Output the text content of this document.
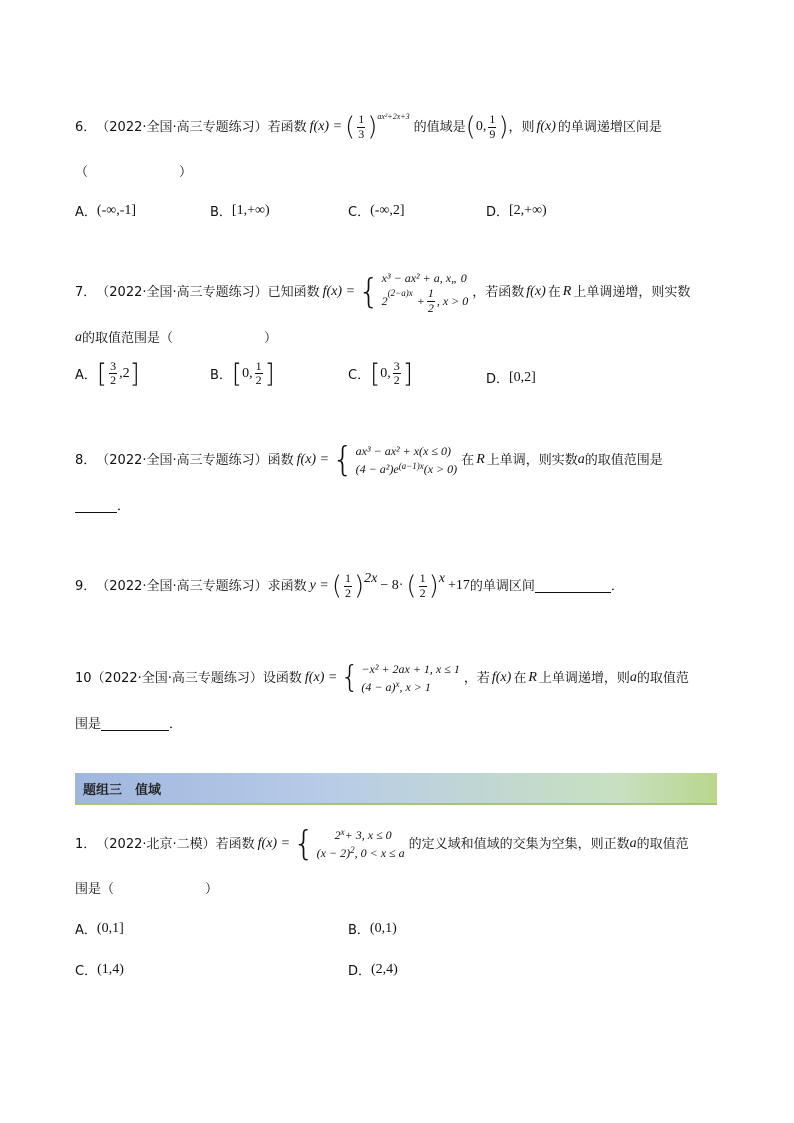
6． （2022·全国·高三专题练习） 若函数 f(x) = ( $\frac{1}{3} )^{ax^2+2x+3}$
的值域是 ( 0, $\frac{1}{9}$ ) ，则 f(x) 的单调递增区间是
（　　　　　　　）
A． (-∞,-1]	B． [1,+∞)	C． (-∞,2]	D． [2,+∞)
7． （2022·全国·高三专题练习） 已知函数 f(x) = { x³ − ax² + a, x„ 0
2
$^{(2-a)x}$
+ $\frac{1}{2}$ , x > 0
，若函数 f(x) 在 R 上单调递增，则实数
a 的取值范围是（　　　　　　　）
A． [ $\frac{3}{2} ,2$ ]	B． [ 0, $\frac{1}{2}$ ]	C． [ 0, $\frac{3}{2}$ ]	D． [0,2]
8． （2022·全国·高三专题练习） 函数 f(x) = { ax³ − ax² + x(x ≤ 0)
(4 − a²)e (a−1)x (x > 0)
在 R 上单调，则实数 a 的取值范围是
．
9． （2022·全国·高三专题练习） 求函数 y = ( $\frac{1}{2}$ ) 2x − 8· ( $\frac{1}{2}$ ) x +17 的单调区间	．
10 （2022·全国·高三专题练习） 设函数 f(x) = { −x² + 2ax + 1, x ≤ 1
(4 − a) x , x > 1
，若 f(x) 在 R 上单调递增，则 a 的取值范
围是	．
题组三　值域
1． （2022·北京·二模） 若函数 f(x) = { 2 x + 3, x ≤ 0
(x − 2) 2 , 0 < x ≤ a
的定义域和值域的交集为空集，则正数 a 的取值范
围是（　　　　　　　）
A． (0,1]	B． (0,1)
C． (1,4)	D． (2,4)
